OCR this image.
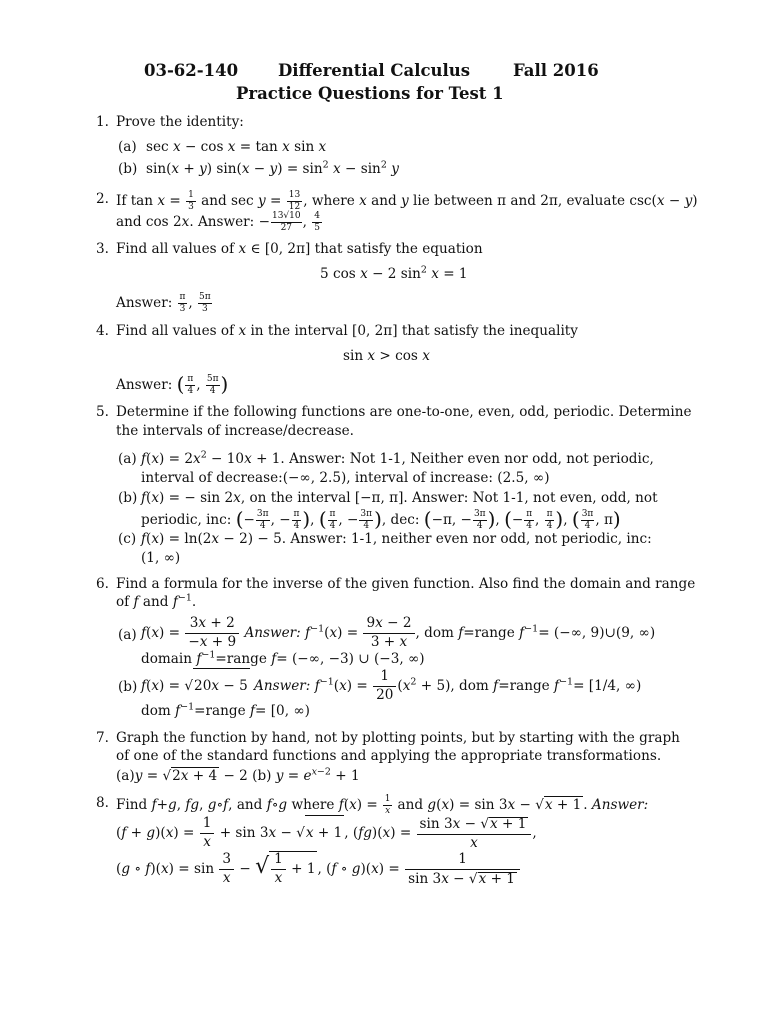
03-62-140 Differential Calculus	Fall 2016
Practice Questions for Test 1
1. Prove the identity:
(a) sec x − cos x = tan x sin x
(b) sin(x + y) $\sin(x - y) = \sin^2 x - \sin^2 y$
2. If $\tan x = \frac{1}{3}$ and $\sec y = \frac{13}{12}$ , where x and y lie between π and 2π, evaluate csc(x − y)
and cos 2x. Answer: − $\frac{13√10}{27}$ , $\frac{4}{5}$
3. Find all values of x ∈ [0, 2π] that satisfy the equation
5 cos x − 2 $\sin^2 x = 1$
Answer: $\frac{\pi}{3}$ , $\frac{5\pi}{3}$
4. Find all values of x in the interval [0, 2π] that satisfy the inequality
sin x > cos x
Answer: ( $\frac{\pi}{4}$ , $\frac{5\pi}{4}$ )
5. Determine if the following functions are one-to-one, even, odd, periodic. Determine
the intervals of increase/decrease.
(a) $f(x) = 2x^2 - 10x + 1$. Answer: Not 1-1, Neither even nor odd, not periodic,
interval of decrease:(−∞, 2.5), interval of increase: (2.5, ∞)
(b) f(x) = − sin 2x, on the interval [−π, π]. Answer: Not 1-1, not even, odd, not
periodic, inc: (− $\frac{3\pi}{4}$ , − $\frac{\pi}{4}$ ), ( $\frac{\pi}{4}$ , − $\frac{3\pi}{4}$ ), dec: (−π, − $\frac{3\pi}{4}$ ), (− $\frac{\pi}{4}$ , $\frac{\pi}{4}$ ), ( $\frac{3\pi}{4}$ , π)
(c) f(x) = ln(2x − 2) − 5. Answer: 1-1, neither even nor odd, not periodic, inc:
(1, ∞)
6. Find a formula for the inverse of the given function. Also find the domain and range
of f and $f^{-1}$.
(a) $f(x) = \frac{3x + 2}{-x + 9}$ Answer: $f^{-1}(x) = \frac{9x - 2}{3 + x}$ , dom f=range $f^{-1}=$ (−∞, 9)∪(9, ∞)
domain $f^{-1}=range$ f= (−∞, −3) ∪ (−3, ∞)
(b) f(x) = √20x − 5 Answer: $f^{-1}(x) = \frac{1}{20} (x^2 + 5)$, dom f=range $f^{-1}= [1/4$, ∞)
dom $f^{-1}=range$ f= [0, ∞)
7. Graph the function by hand, not by plotting points, but by starting with the graph
of one of the standard functions and applying the appropriate transformations.
(a)y = √2x + 4 − 2 (b) $y = e^{x-2} + 1$
8. Find f+g, fg, g∘f, and f∘g where $f(x) = \frac{1}{x}$ and g(x) = sin 3x − √x + 1 . Answer:
$(f + g)(x) = \frac{1}{x} + \sin 3x - √x + 1$ , $(fg)(x) = \frac{\sin 3x - √x + 1}{x}$ ,
(g ∘ $f)(x) = \sin \frac{3}{x}$ − √ $\frac{1}{x} + 1$ , (f ∘ $g)(x) = \frac{1}{\sin 3x - √x + 1}$
